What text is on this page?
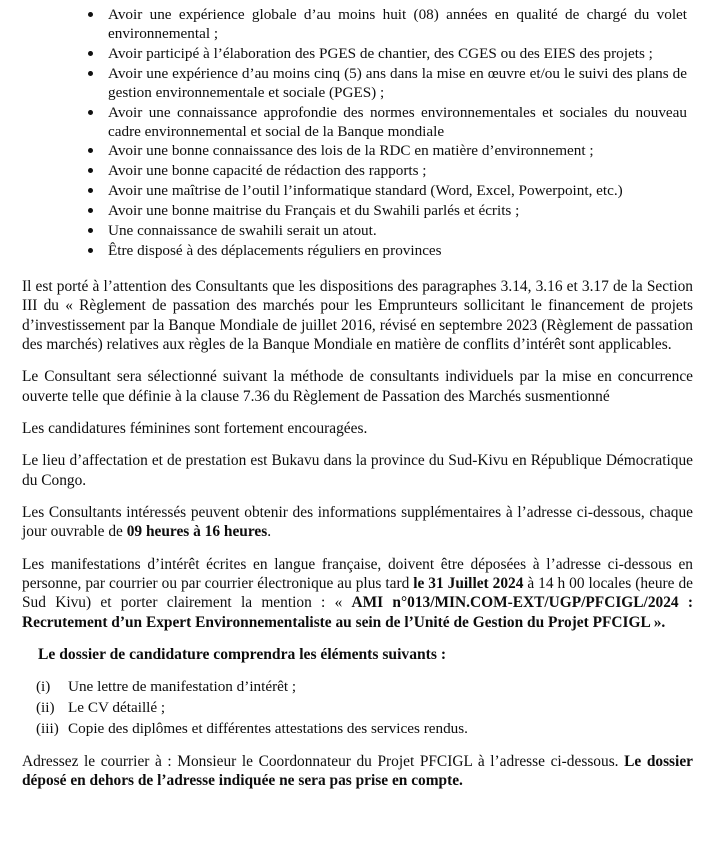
Avoir une expérience globale d’au moins huit (08) années en qualité de chargé du volet environnemental ;
Avoir participé à l’élaboration des PGES de chantier, des CGES ou des EIES des projets ;
Avoir une expérience d’au moins cinq (5) ans dans la mise en œuvre et/ou le suivi des plans de gestion environnementale et sociale (PGES) ;
Avoir une connaissance approfondie des normes environnementales et sociales du nouveau cadre environnemental et social de la Banque mondiale
Avoir une bonne connaissance des lois de la RDC en matière d’environnement ;
Avoir une bonne capacité de rédaction des rapports ;
Avoir une maîtrise de l’outil l’informatique standard (Word, Excel, Powerpoint, etc.)
Avoir une bonne maitrise du Français et du Swahili parlés et écrits ;
Une connaissance de swahili serait un atout.
Être disposé à des déplacements réguliers en provinces

Il est porté à l’attention des Consultants que les dispositions des paragraphes 3.14, 3.16 et 3.17 de la Section III du « Règlement de passation des marchés pour les Emprunteurs sollicitant le financement de projets d’investissement par la Banque Mondiale de juillet 2016, révisé en septembre 2023 (Règlement de passation des marchés) relatives aux règles de la Banque Mondiale en matière de conflits d’intérêt sont applicables.

Le Consultant sera sélectionné suivant la méthode de consultants individuels par la mise en concurrence ouverte telle que définie à la clause 7.36 du Règlement de Passation des Marchés susmentionné

Les candidatures féminines sont fortement encouragées.

Le lieu d’affectation et de prestation est Bukavu dans la province du Sud-Kivu en République Démocratique du Congo.

Les Consultants intéressés peuvent obtenir des informations supplémentaires à l’adresse ci-dessous, chaque jour ouvrable de 09 heures à 16 heures.

Les manifestations d’intérêt écrites en langue française, doivent être déposées à l’adresse ci-dessous en personne, par courrier ou par courrier électronique au plus tard le 31 Juillet 2024 à 14 h 00 locales (heure de Sud Kivu) et porter clairement la mention : « AMI n°013/MIN.COM-EXT/UGP/PFCIGL/2024 : Recrutement d’un Expert Environnementaliste au sein de l’Unité de Gestion du Projet PFCIGL ».

Le dossier de candidature comprendra les éléments suivants :
(i)	Une lettre de manifestation d’intérêt ;
(ii) Le CV détaillé ;
(iii) Copie des diplômes et différentes attestations des services rendus.

Adressez le courrier à : Monsieur le Coordonnateur du Projet PFCIGL à l’adresse ci-dessous. Le dossier déposé en dehors de l’adresse indiquée ne sera pas prise en compte.
